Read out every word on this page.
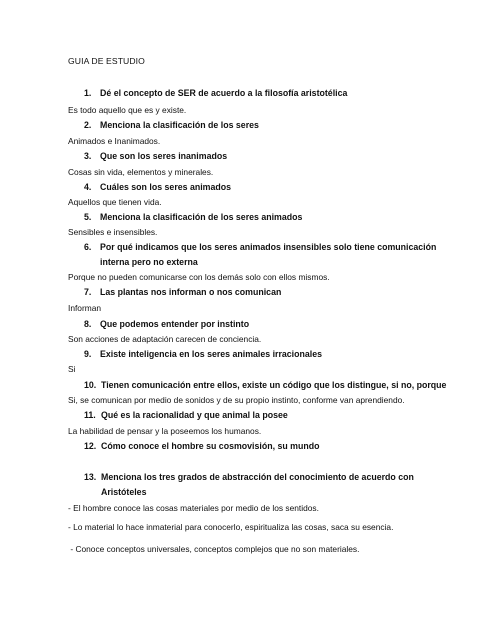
GUIA DE ESTUDIO
1. Dé el concepto de SER de acuerdo a la filosofía aristotélica
Es todo aquello que es y existe.
2. Menciona la clasificación de los seres
Animados e Inanimados.
3. Que son los seres inanimados
Cosas sin vida, elementos y minerales.
4. Cuáles son los seres animados
Aquellos que tienen vida.
5. Menciona la clasificación de los seres animados
Sensibles e insensibles.
6. Por qué indicamos que los seres animados insensibles solo tiene comunicación
interna pero no externa
Porque no pueden comunicarse con los demás solo con ellos mismos.
7. Las plantas nos informan o nos comunican
Informan
8. Que podemos entender por instinto
Son acciones de adaptación carecen de conciencia.
9. Existe inteligencia en los seres animales irracionales
Si
10. Tienen comunicación entre ellos, existe un código que los distingue, si no, porque
Si, se comunican por medio de sonidos y de su propio instinto, conforme van aprendiendo.
11. Qué es la racionalidad y que animal la posee
La habilidad de pensar y la poseemos los humanos.
12. Cómo conoce el hombre su cosmovisión, su mundo
13. Menciona los tres grados de abstracción del conocimiento de acuerdo con
Aristóteles
- El hombre conoce las cosas materiales por medio de los sentidos.
- Lo material lo hace inmaterial para conocerlo, espiritualiza las cosas, saca su esencia.
- Conoce conceptos universales, conceptos complejos que no son materiales.
